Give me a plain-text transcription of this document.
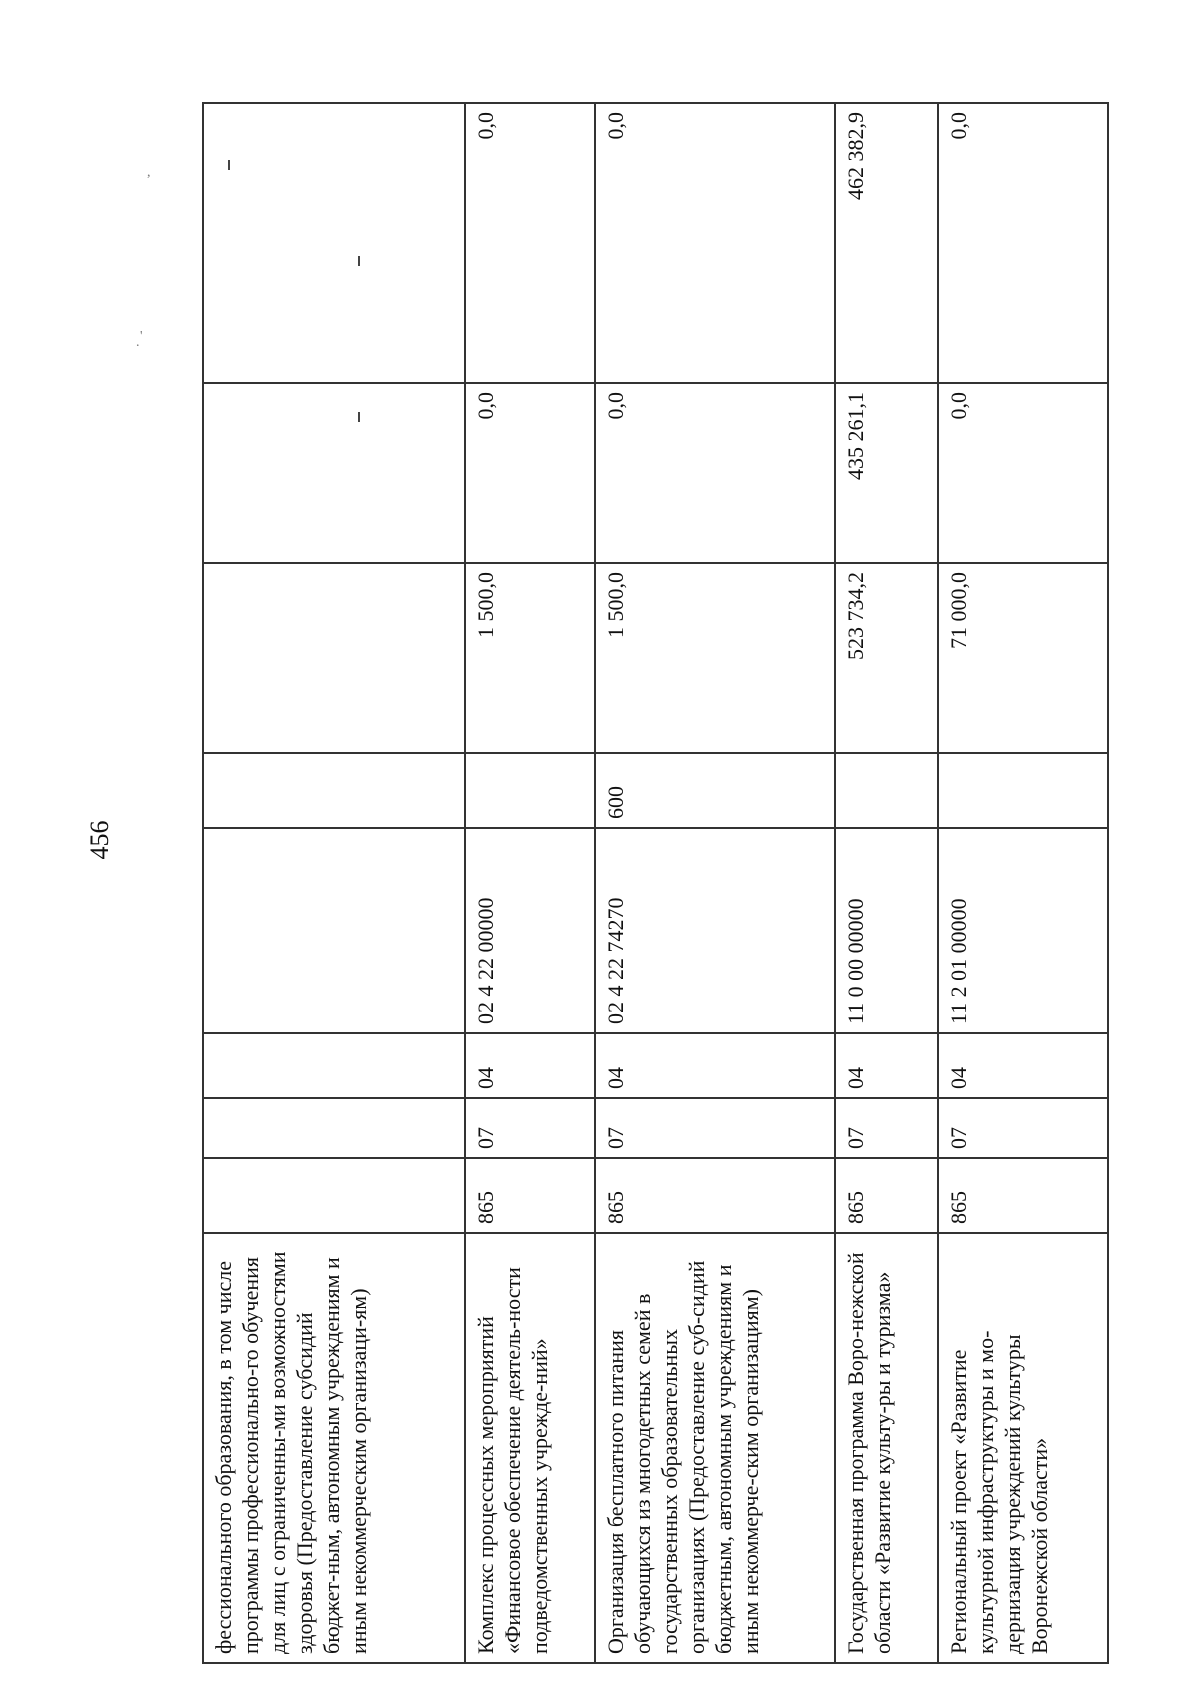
456
,
. '
фессионального образования, в том числе программы профессионально-го обучения для лиц с ограниченны-ми возможностями здоровья (Предоставление субсидий бюджет-ным, автономным учреждениям и иным некоммерческим организаци-ям)								
Комплекс процессных мероприятий «Финансовое обеспечение деятель-ности подведомственных учрежде-ний»	865	07	04	02 4 22 00000		1 500,0	0,0	0,0
Организация бесплатного питания обучающихся из многодетных семей в государственных образовательных организациях (Предоставление суб-сидий бюджетным, автономным учреждениям и иным некоммерче-ским организациям)	865	07	04	02 4 22 74270	600	1 500,0	0,0	0,0
Государственная программа Воро-нежской области «Развитие культу-ры и туризма»	865	07	04	11 0 00 00000		523 734,2	435 261,1	462 382,9
Региональный проект «Развитие культурной инфраструктуры и мо-дернизация учреждений культуры Воронежской области»	865	07	04	11 2 01 00000		71 000,0	0,0	0,0
